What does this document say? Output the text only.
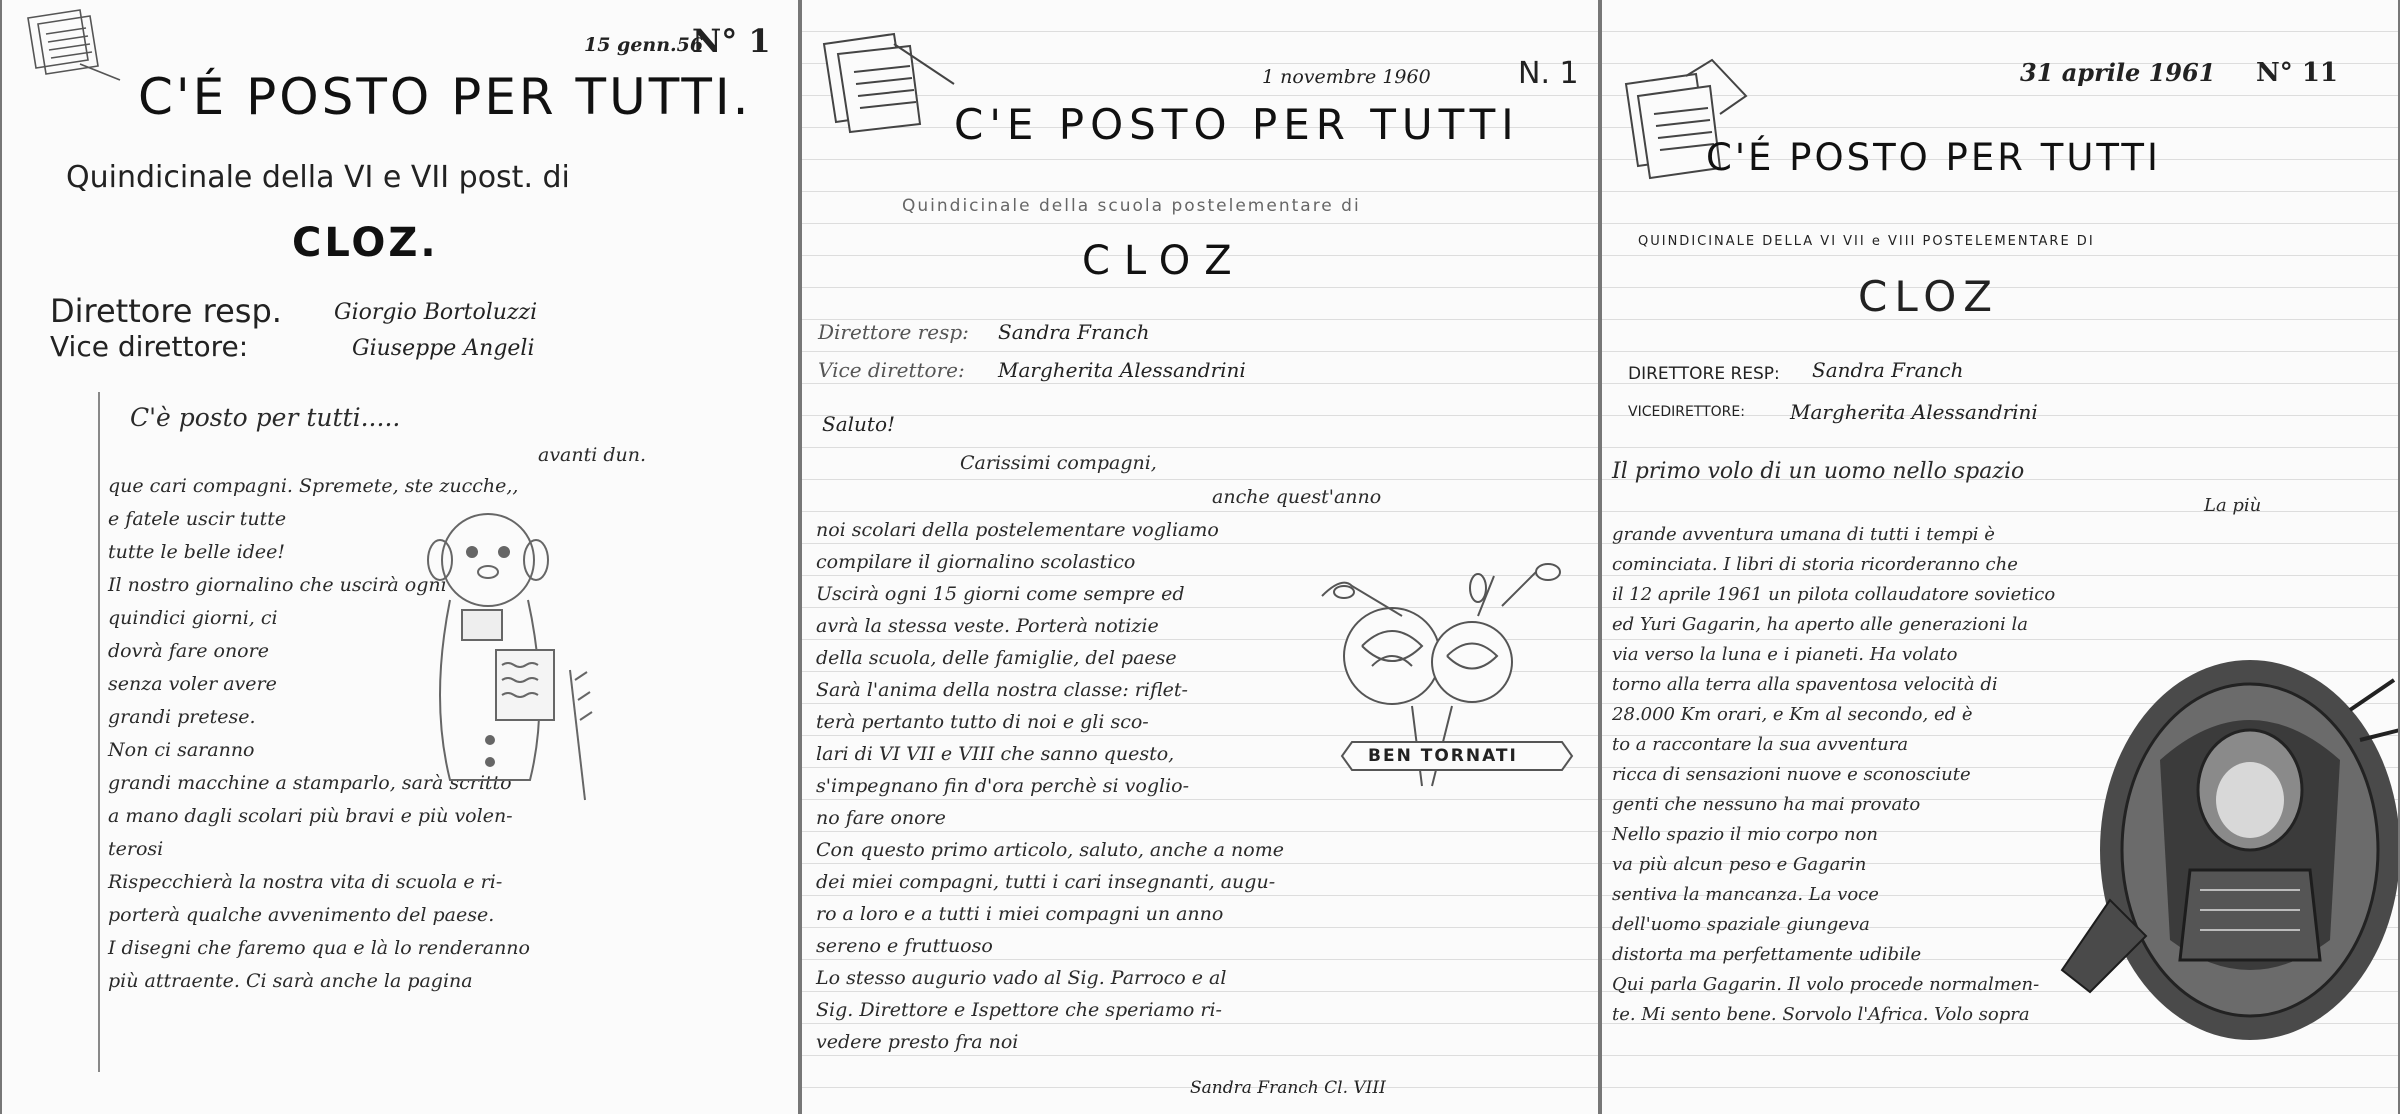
15 genn.56
N° 1
C'É POSTO PER TUTTI.
Quindicinale della VI e VII post. di
CLOZ.
Direttore resp. Giorgio Bortoluzzi
Vice direttore:	Giuseppe Angeli
C'è posto per tutti.....
avanti dun.
que cari compagni. Spremete, ste zucche,,
e fatele uscir tutte
tutte le belle idee!
Il nostro giornalino che uscirà ogni
quindici giorni, ci
dovrà fare onore
senza voler avere
grandi pretese.
Non ci saranno
grandi macchine a stamparlo, sarà scritto
a mano dagli scolari più bravi e più volen-
terosi
Rispecchierà la nostra vita di scuola e ri-
porterà qualche avvenimento del paese.
I disegni che faremo qua e là lo renderanno
più attraente. Ci sarà anche la pagina
1 novembre 1960	N. 1
C'E POSTO PER TUTTI
Quindicinale della scuola postelementare di
CLOZ
Direttore resp: Sandra Franch
Vice direttore: Margherita Alessandrini
Saluto!
Carissimi compagni,
anche quest'anno
noi scolari della postelementare vogliamo
compilare il giornalino scolastico
Uscirà ogni 15 giorni come sempre ed
avrà la stessa veste. Porterà notizie
della scuola, delle famiglie, del paese
Sarà l'anima della nostra classe: riflet-
terà pertanto tutto di noi e gli sco-
lari di VI VII e VIII che sanno questo,
s'impegnano fin d'ora perchè si voglio-
no fare onore
Con questo primo articolo, saluto, anche a nome
dei miei compagni, tutti i cari insegnanti, augu-
ro a loro e a tutti i miei compagni un anno
sereno e fruttuoso
Lo stesso augurio vado al Sig. Parroco e al
Sig. Direttore e Ispettore che speriamo ri-
vedere presto fra noi
Sandra Franch Cl. VIII
BEN TORNATI
31 aprile 1961 N° 11
C'É POSTO PER TUTTI
QUINDICINALE DELLA VI VII e VIII POSTELEMENTARE DI
CLOZ
DIRETTORE RESP: Sandra Franch
VICEDIRETTORE: Margherita Alessandrini
Il primo volo di un uomo nello spazio
La più
grande avventura umana di tutti i tempi è
cominciata. I libri di storia ricorderanno che
il 12 aprile 1961 un pilota collaudatore sovietico
ed Yuri Gagarin, ha aperto alle generazioni la
via verso la luna e i pianeti. Ha volato
torno alla terra alla spaventosa velocità di
28.000 Km orari, e Km al secondo, ed è
to a raccontare la sua avventura
ricca di sensazioni nuove e sconosciute
genti che nessuno ha mai provato
Nello spazio il mio corpo non
va più alcun peso e Gagarin
sentiva la mancanza. La voce
dell'uomo spaziale giungeva
distorta ma perfettamente udibile
Qui parla Gagarin. Il volo procede normalmen-
te. Mi sento bene. Sorvolo l'Africa. Volo sopra
